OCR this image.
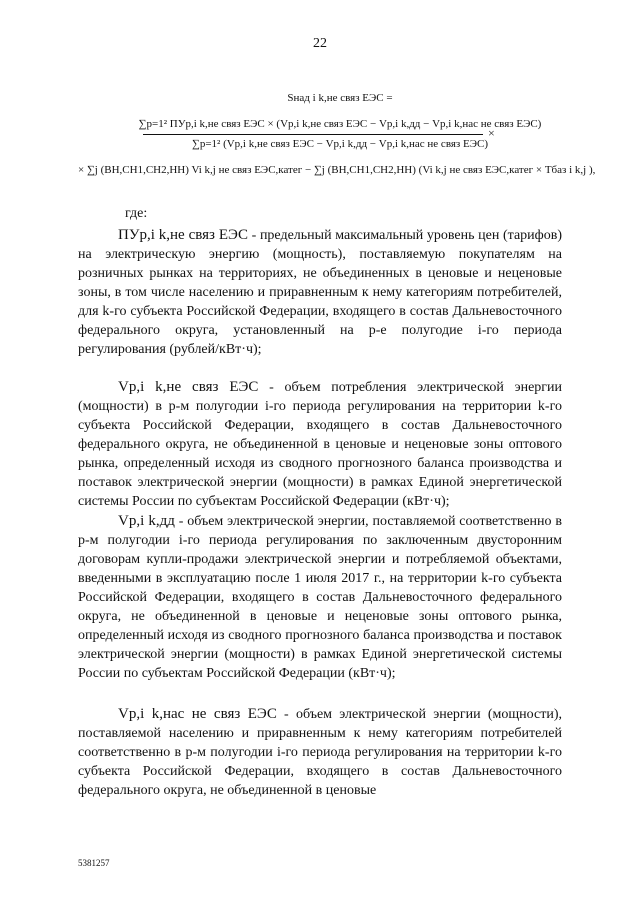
22
Sнад i k,не связ ЕЭС =
∑p=1² ПУp,i k,не связ ЕЭС × (Vp,i k,не связ ЕЭС − Vp,i k,дд − Vp,i k,нас не связ ЕЭС)
×
∑p=1² (Vp,i k,не связ ЕЭС − Vp,i k,дд − Vp,i k,нас не связ ЕЭС)
× ∑j (ВН,СН1,СН2,НН) Vi k,j не связ ЕЭС,катег − ∑j (ВН,СН1,СН2,НН) (Vi k,j не связ ЕЭС,катег × Tбаз i k,j ),
где:
ПУp,i k,не связ ЕЭС - предельный максимальный уровень цен (тарифов) на электрическую энергию (мощность), поставляемую покупателям на розничных рынках на территориях, не объединенных в ценовые и неценовые зоны, в том числе населению и приравненным к нему категориям потребителей, для k-го субъекта Российской Федерации, входящего в состав Дальневосточного федерального округа, установленный на p-е полугодие i-го периода регулирования (рублей/кВт·ч);
Vp,i k,не связ ЕЭС - объем потребления электрической энергии (мощности) в p-м полугодии i-го периода регулирования на территории k-го субъекта Российской Федерации, входящего в состав Дальневосточного федерального округа, не объединенной в ценовые и неценовые зоны оптового рынка, определенный исходя из сводного прогнозного баланса производства и поставок электрической энергии (мощности) в рамках Единой энергетической системы России по субъектам Российской Федерации (кВт·ч);
Vp,i k,дд - объем электрической энергии, поставляемой соответственно в p-м полугодии i-го периода регулирования по заключенным двусторонним договорам купли-продажи электрической энергии и потребляемой объектами, введенными в эксплуатацию после 1 июля 2017 г., на территории k-го субъекта Российской Федерации, входящего в состав Дальневосточного федерального округа, не объединенной в ценовые и неценовые зоны оптового рынка, определенный исходя из сводного прогнозного баланса производства и поставок электрической энергии (мощности) в рамках Единой энергетической системы России по субъектам Российской Федерации (кВт·ч);
Vp,i k,нас не связ ЕЭС - объем электрической энергии (мощности), поставляемой населению и приравненным к нему категориям потребителей соответственно в p-м полугодии i-го периода регулирования на территории k-го субъекта Российской Федерации, входящего в состав Дальневосточного федерального округа, не объединенной в ценовые
5381257
